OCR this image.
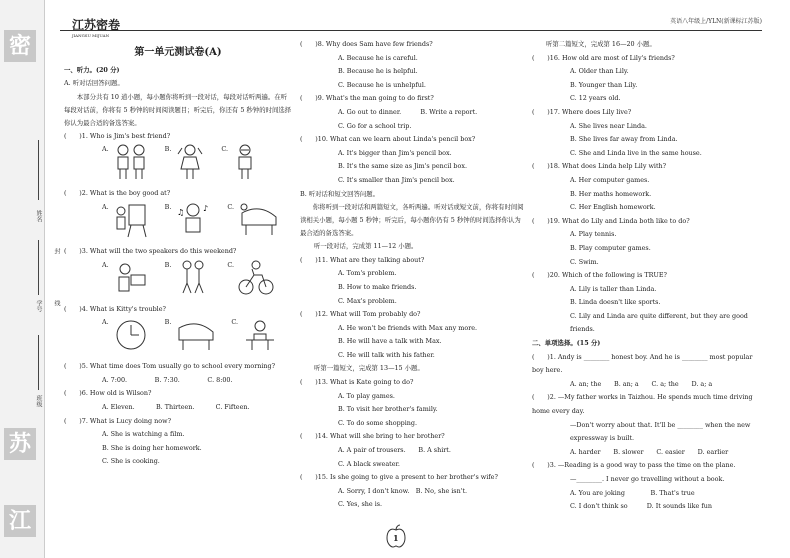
密
苏
江
姓名
学号
班级
封
线
江苏密卷
JIANGSU MIJUAN
英语八年级上/YLN(新课标江苏版)
第一单元测试卷(A)

一、听力。(20 分)

A. 听对话回答问题。

本部分共有 10 道小题，每小题你将听到一段对话，每段对话听两遍。在听每段对话前，你将有 5 秒钟的时间阅读题目；听完后，你还有 5 秒钟的时间选择你认为最合适的备选答案。

(　　)1. Who is Jim's best friend?

A.	B.	C.

(　　)2. What is the boy good at?

A.	B.	♪
♫
C.

(　　)3. What will the two speakers do this weekend?

A.	B.	C.

(　　)4. What is Kitty's trouble?

A.	B.	C.

(　　)5. What time does Tom usually go to school every morning?

A. 7:00.　　　　	B. 7:30.　　　　	C. 8:00.

(　　)6. How old is Wilson?

A. Eleven.　　　	B. Thirteen.　　　	C. Fifteen.

(　　)7. What is Lucy doing now?

A. She is watching a film.

B. She is doing her homework.

C. She is cooking.

(　　)8. Why does Sam have few friends?

A. Because he is careful.

B. Because he is helpful.

C. Because he is unhelpful.

(　　)9. What's the man going to do first?

A. Go out to dinner.　　　	B. Write a report.

C. Go for a school trip.

(　　)10. What can we learn about Linda's pencil box?

A. It's bigger than Jim's pencil box.

B. It's the same size as Jim's pencil box.

C. It's smaller than Jim's pencil box.

B. 听对话和短文回答问题。

你将听到一段对话和两篇短文，各听两遍。听对话或短文前，你将有时间阅读相关小题，每小题 5 秒钟；听完后，每小题你仍有 5 秒钟的时间选择你认为最合适的备选答案。

听一段对话，完成第 11—12 小题。

(　　)11. What are they talking about?

A. Tom's problem.

B. How to make friends.

C. Max's problem.

(　　)12. What will Tom probably do?

A. He won't be friends with Max any more.

B. He will have a talk with Max.

C. He will talk with his father.

听第一篇短文，完成第 13—15 小题。

(　　)13. What is Kate going to do?

A. To play games.

B. To visit her brother's family.

C. To do some shopping.

(　　)14. What will she bring to her brother?

A. A pair of trousers.　　 B. A shirt.

C. A black sweater.

(　　)15. Is she going to give a present to her brother's wife?

A. Sorry, I don't know.　 B. No, she isn't.

C. Yes, she is.

听第二篇短文，完成第 16—20 小题。

(　　)16. How old are most of Lily's friends?

A. Older than Lily.

B. Younger than Lily.

C. 12 years old.

(　　)17. Where does Lily live?

A. She lives near Linda.

B. She lives far away from Linda.

C. She and Linda live in the same house.

(　　)18. What does Linda help Lily with?

A. Her computer games.

B. Her maths homework.

C. Her English homework.

(　　)19. What do Lily and Linda both like to do?

A. Play tennis.

B. Play computer games.

C. Swim.

(　　)20. Which of the following is TRUE?

A. Lily is taller than Linda.

B. Linda doesn't like sports.

C. Lily and Linda are quite different, but they are good friends.

二、单项选择。(15 分)

(　　)1. Andy is ________ honest boy. And he is ________ most popular boy here.

A. an; the　　B. an; a　　C. a; the　　D. a; a

(　　)2. —My father works in Taizhou. He spends much time driving home every day.

—Don't worry about that. It'll be ________ when the new expressway is built.

A. harder　　B. slower　　C. easier　　D. earlier

(　　)3. —Reading is a good way to pass the time on the plane.

—________. I never go travelling without a book.

A. You are joking　　　　	B. That's true

C. I don't think so　　　	D. It sounds like fun

1
